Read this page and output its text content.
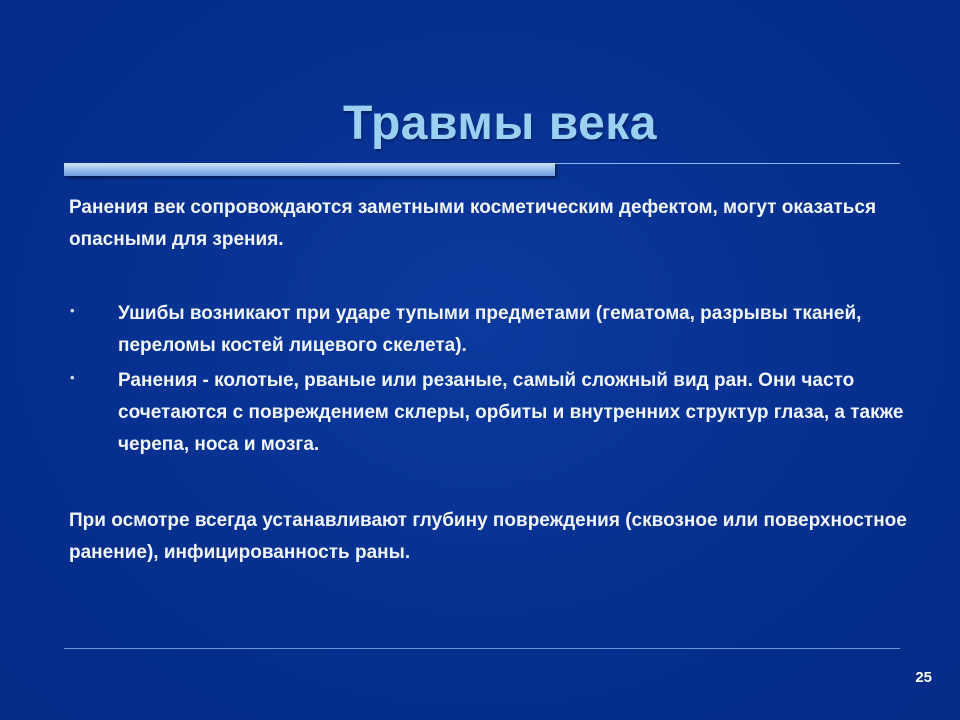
Травмы века
Ранения век сопровождаются заметными косметическим дефектом, могут оказаться опасными для зрения.
• Ушибы возникают при ударе тупыми предметами (гематома, разрывы тканей, переломы костей лицевого скелета).
• Ранения - колотые, рваные или резаные, самый сложный вид ран. Они часто сочетаются с повреждением склеры, орбиты и внутренних структур глаза, а также черепа, носа и мозга.
При осмотре всегда устанавливают глубину повреждения (сквозное или поверхностное ранение), инфицированность раны.
25
